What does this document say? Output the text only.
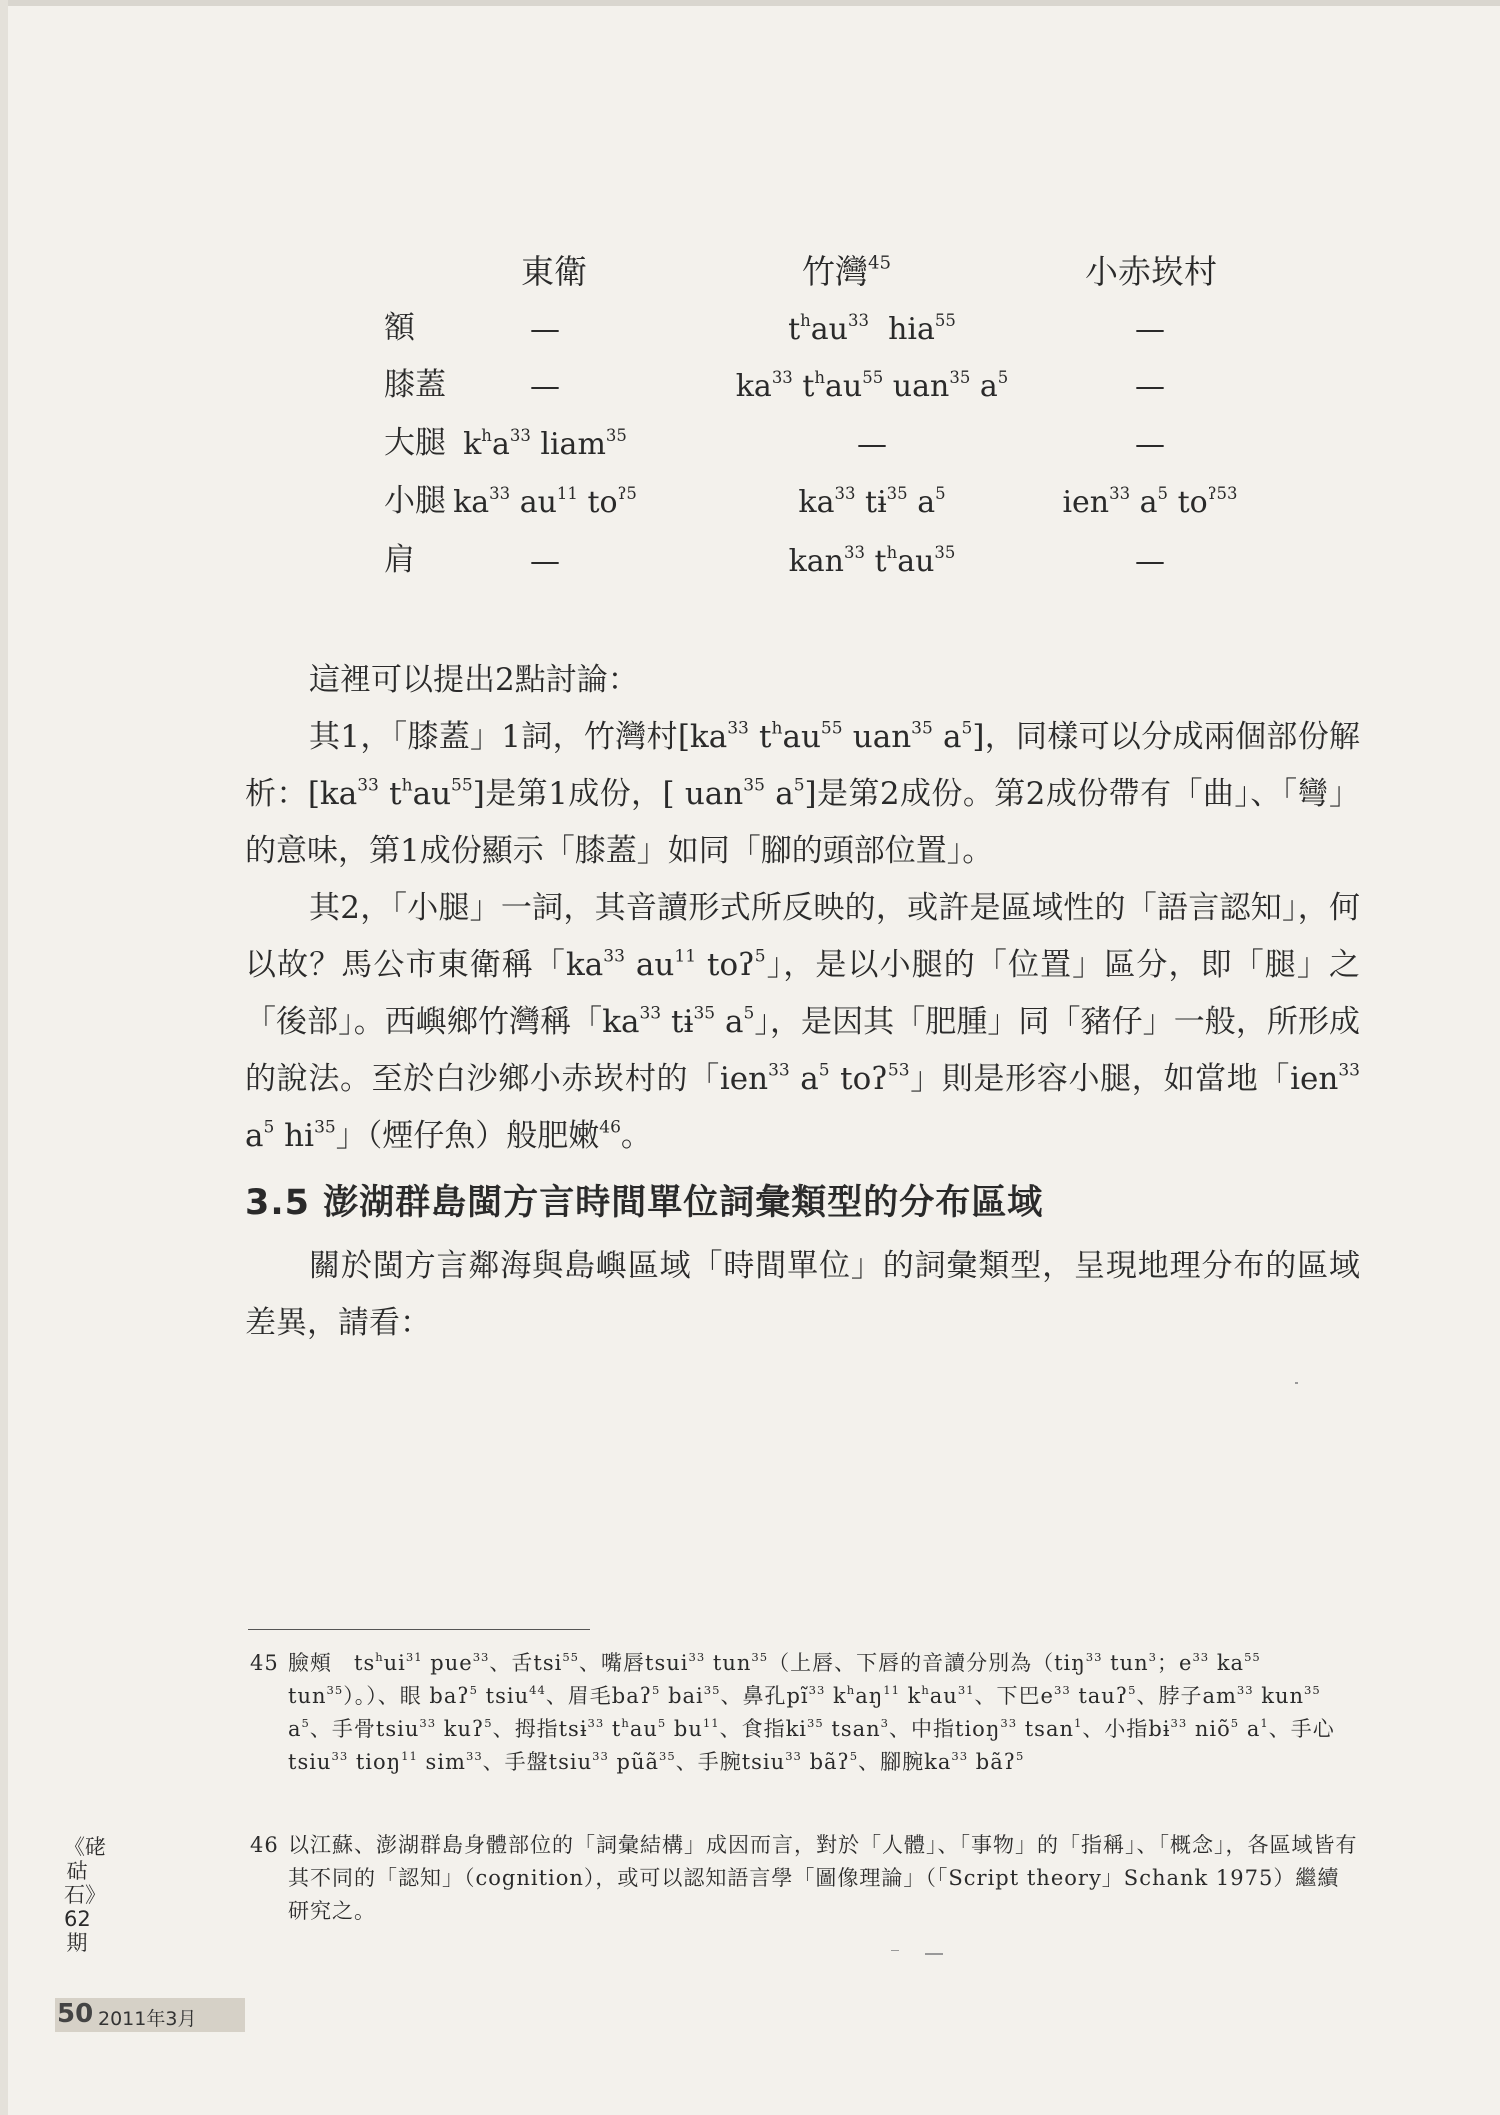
東衛	竹灣$^{45}$	小赤崁村
額	—	$t^hau^{33}$  hia$^{55}$	—
膝蓋	—	$ka^{33}$ $t^hau^{55}$ uan$^{35}$ $a^5$	—
大腿 $k^ha^{33}$ liam$^{35}$	—	—
小腿 $ka^{33}$ $au^{11}$ $to^{ʔ5}$	$ka^{33}$ tɨ$^{35}$ $a^5$	ien$^{33}$ $a^5$ $to^{ʔ53}$
肩	—	kan$^{33}$ $t^hau^{35}$	—
這裡可以提出2點討論：
其1，「膝蓋」1詞，竹灣村[$ka^{33}$ $t^hau^{55}$ uan$^{35}$ $a^5$]，同樣可以分成兩個部份解析：[$ka^{33}$ $t^hau^{55}$]是第1成份，[ uan$^{35}$ $a^5$]是第2成份。第2成份帶有「曲」、「彎」的意味，第1成份顯示「膝蓋」如同「腳的頭部位置」。
其2，「小腿」一詞，其音讀形式所反映的，或許是區域性的「語言認知」，何以故？馬公市東衛稱「$ka^{33}$ $au^{11}$ toʔ$^5$」，是以小腿的「位置」區分，即「腿」之「後部」。西嶼鄉竹灣稱「$ka^{33}$ tɨ$^{35}$ $a^5$」，是因其「肥腫」同「豬仔」一般，所形成的說法。至於白沙鄉小赤崁村的「ien$^{33}$ $a^5$ toʔ$^{53}$」則是形容小腿，如當地「ien$^{33}$ $a^5$ $hi^{35}$」（煙仔魚）般肥嫩$^{46}$。
3.5 澎湖群島閩方言時間單位詞彙類型的分布區域
關於閩方言鄰海與島嶼區域「時間單位」的詞彙類型，呈現地理分布的區域差異，請看：
45 臉頰　$ts^hui^{31}$ pue$^{33}$、舌tsi$^{55}$、嘴唇tsui$^{33}$ tun$^{35}$（上唇、下唇的音讀分別為（tiŋ$^{33}$ tun$^3$；$e^{33}$ $ka^{55}$ tun$^{35}$）。）、眼 baʔ$^5$ tsiu$^{44}$、眉毛baʔ$^5$ bai$^{35}$、鼻孔$pĩ^{33}$ $k^haŋ^{11}$ $k^hau^{31}$、下巴$e^{33}$ tauʔ$^5$、脖子$am^{33}$ kun$^{35}$ $a^5$、手骨tsiu$^{33}$ kuʔ$^5$、拇指tsɨ$^{33}$ $t^hau^5$ $bu^{11}$、食指$ki^{35}$ tsan$^3$、中指tioŋ$^{33}$ tsan$^1$、小指bɨ$^{33}$ niõ$^5$ $a^1$、手心tsiu$^{33}$ tioŋ$^{11}$ sim$^{33}$、手盤tsiu$^{33}$ pũã$^{35}$、手腕tsiu$^{33}$ bãʔ$^5$、腳腕$ka^{33}$ bãʔ$^5$
46 以江蘇、澎湖群島身體部位的「詞彙結構」成因而言，對於「人體」、「事物」的「指稱」、「概念」，各區域皆有其不同的「認知」（cognition），或可以認知語言學「圖像理論」（「Script theory」Schank 1975）繼續研究之。
《硓𥑮石》62期
50 2011年3月
